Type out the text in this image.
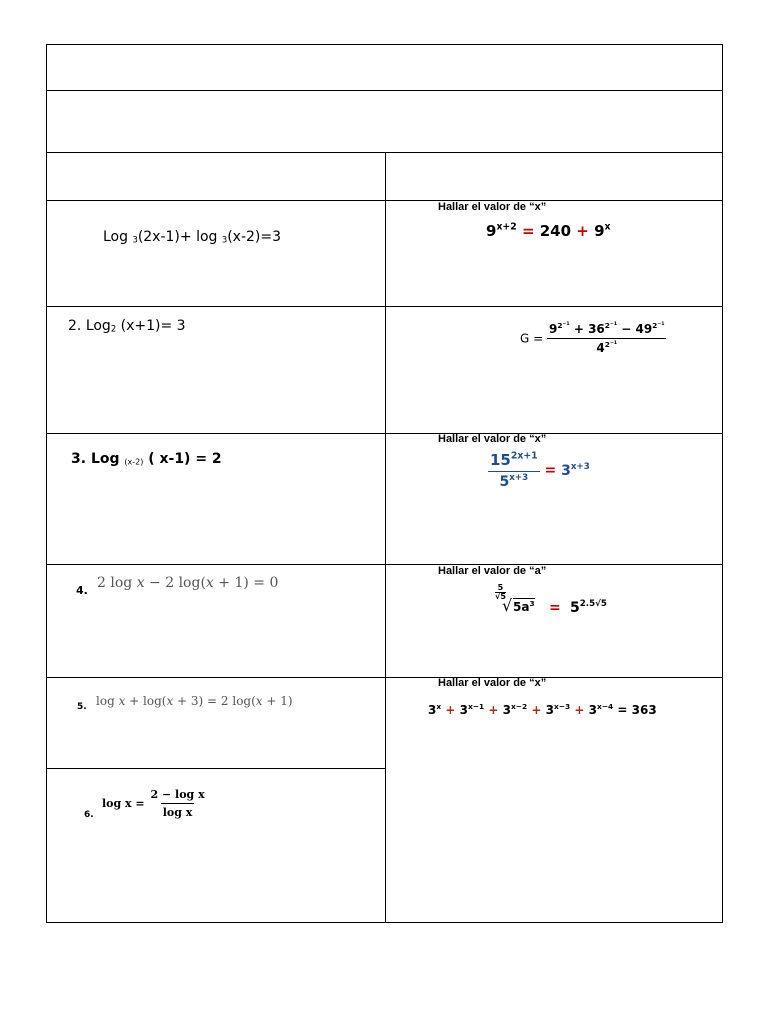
Log $_3$(2x-1)+ log $_3$(x-2)=3
2. Log$_2$ (x+1)= 3
3. Log $_{(x-2)}$ ( x-1) = 2
4. 2 log x − 2 log(x + 1) = 0
5. log x + log(x + 3) = 2 log(x + 1)
6.
$\log x = \frac{\text{2 − log x}}{\text{log x}}$
Hallar el valor de “x”
$9^{x+2} = 240 + 9^x$
$G = \frac{9^{2^{-1}} + 36^{2^{-1}} - 49^{2^{-1}}}{4^{2^{-1}}}$
Hallar el valor de “x”
$\frac{15^{2x+1}}{5^{x+3}} = 3^{x+3}$
Hallar el valor de “a”
$\frac{5}{√5}$
√ $5a^3 = 5^{2.5√5}$
Hallar el valor de “x”
$3^x + 3^{x-1} + 3^{x-2} + 3^{x-3} + 3^{x-4} = 363$
